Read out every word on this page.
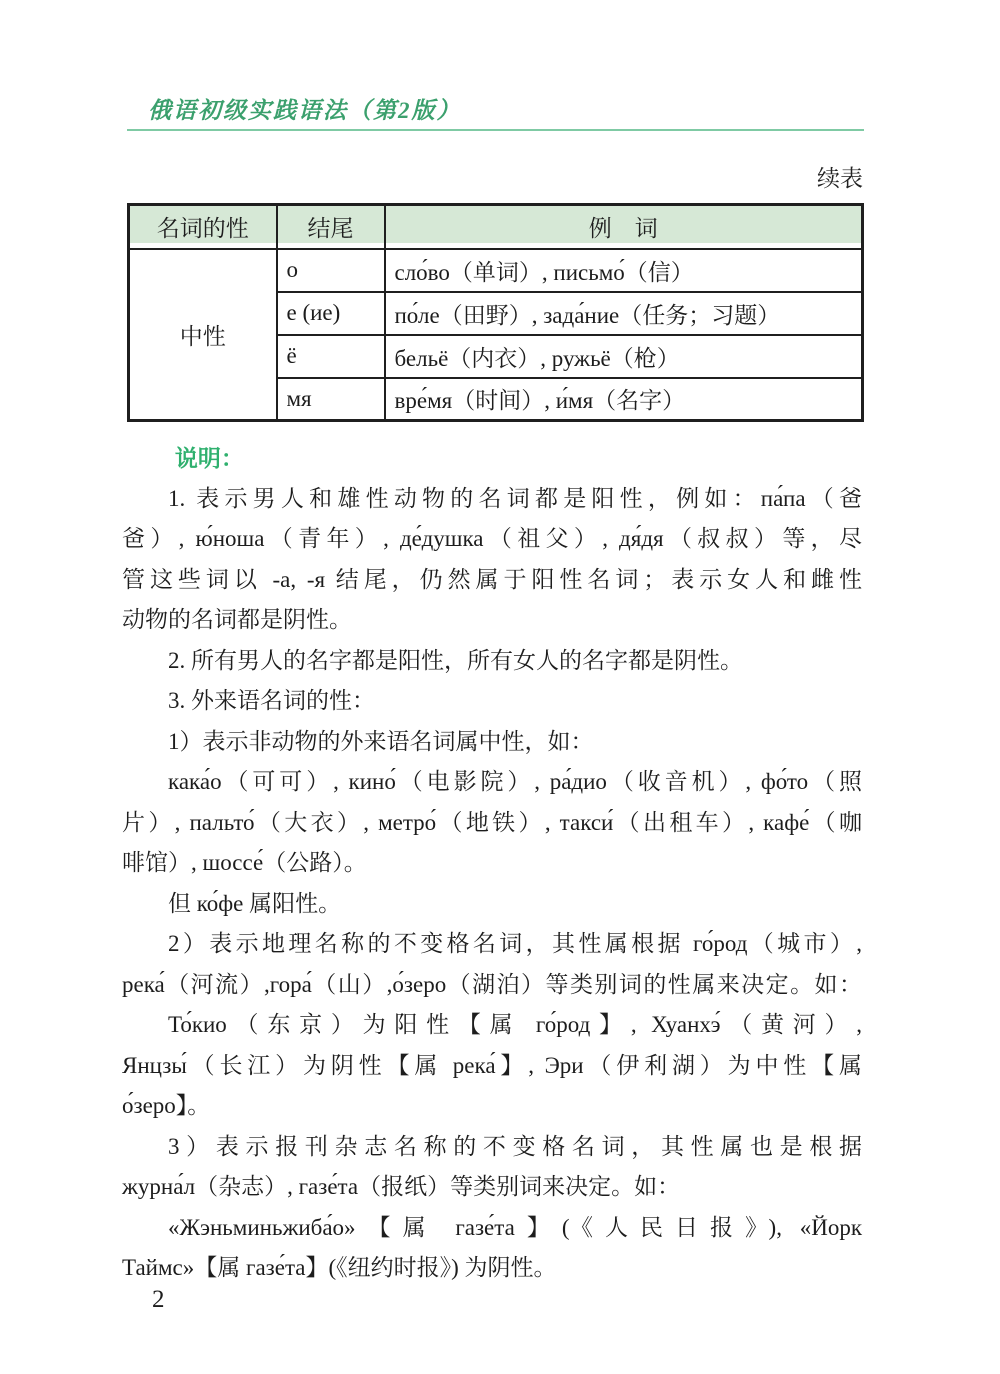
俄语初级实践语法（第2版）
续表
名词的性	结尾	例　词
中性	о	сло́во（单词）, письмо́（信）
	е (ие)	по́ле（田野）, зада́ние（任务；习题）
	ё	бельё（内衣）, ружьё（枪）
	мя	вре́мя（时间）, и́мя（名字）
说明：
1. 表示男人和雄性动物的名词都是阳性，例如：па́па（爸
爸）, ю́ноша（青年）, де́душка（祖父）, дя́дя（叔叔）等，尽
管这些词以 -а, -я 结尾，仍然属于阳性名词；表示女人和雌性
动物的名词都是阴性。
2. 所有男人的名字都是阳性，所有女人的名字都是阴性。
3. 外来语名词的性：
1）表示非动物的外来语名词属中性，如：
кака́о（可可）, кино́（电影院）, ра́дио（收音机）, фо́то（照
片）, пальто́（大衣）, метро́（地铁）, такси́（出租车）, кафе́（咖
啡馆）, шоссе́（公路）。
但 ко́фе 属阳性。
2）表示地理名称的不变格名词，其性属根据 го́род（城市）,
река́（河流）,гора́（山）,о́зеро（湖泊）等类别词的性属来决定。如：
То́кио（东京）为阳性【属 го́род】, Хуанхэ́（黄河）,
Янцзы́（长江）为阴性【属 река́】, Эри（伊利湖）为中性【属
о́зеро】。
3）表示报刊杂志名称的不变格名词，其性属也是根据
журна́л（杂志）, газе́та（报纸）等类别词来决定。如：
«Жэньминьжиба́о»【属 газе́та】(《人民日报》), «Йорк
Таймс»【属 газе́та】(《纽约时报》) 为阴性。
2
